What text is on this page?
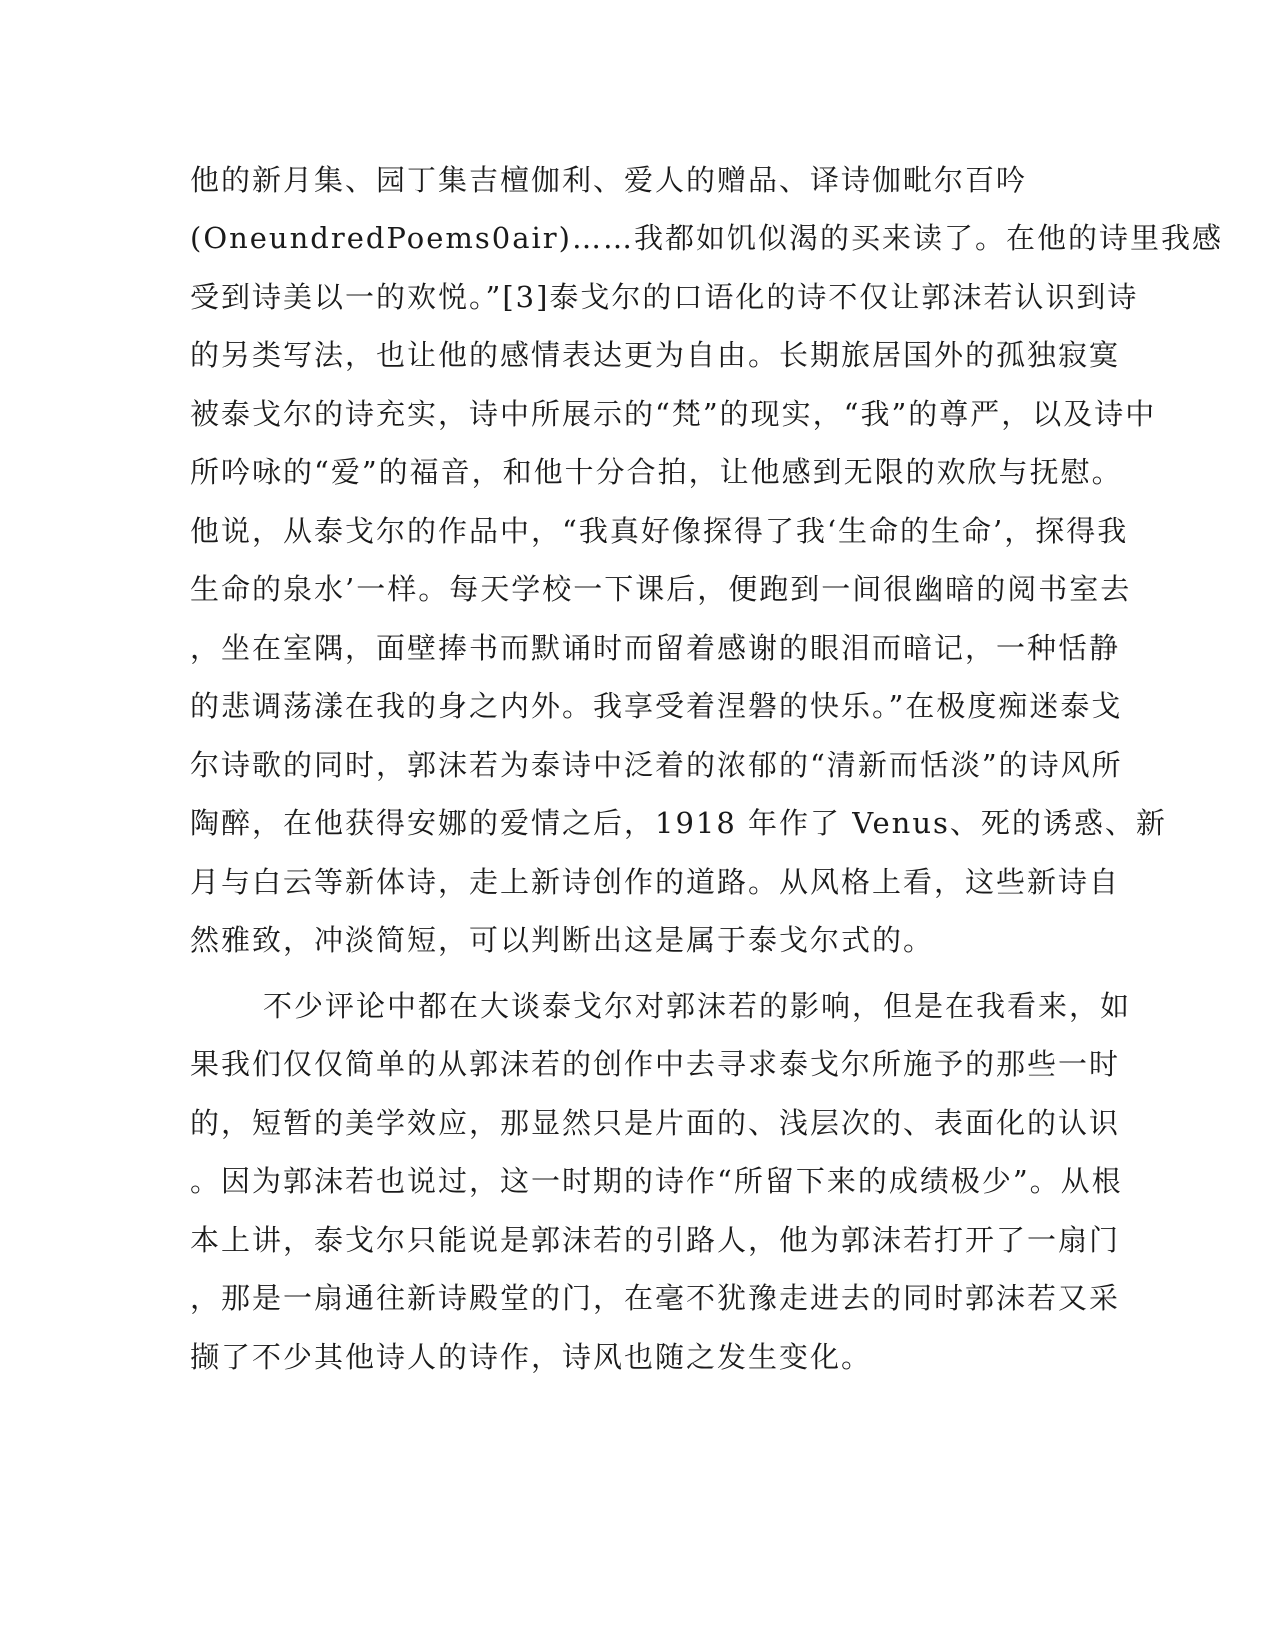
他的新月集、园丁集吉檀伽利、爱人的赠品、译诗伽毗尔百吟
(OneundredPoems0air)……我都如饥似渴的买来读了。在他的诗里我感
受到诗美以一的欢悦。”[3]泰戈尔的口语化的诗不仅让郭沫若认识到诗
的另类写法，也让他的感情表达更为自由。长期旅居国外的孤独寂寞
被泰戈尔的诗充实，诗中所展示的“梵”的现实，“我”的尊严，以及诗中
所吟咏的“爱”的福音，和他十分合拍，让他感到无限的欢欣与抚慰。
他说，从泰戈尔的作品中，“我真好像探得了我‘生命的生命’，探得我
生命的泉水’一样。每天学校一下课后，便跑到一间很幽暗的阅书室去
，坐在室隅，面壁捧书而默诵时而留着感谢的眼泪而暗记，一种恬静
的悲调荡漾在我的身之内外。我享受着涅磐的快乐。”在极度痴迷泰戈
尔诗歌的同时，郭沫若为泰诗中泛着的浓郁的“清新而恬淡”的诗风所
陶醉，在他获得安娜的爱情之后，1918 年作了 Venus、死的诱惑、新
月与白云等新体诗，走上新诗创作的道路。从风格上看，这些新诗自
然雅致，冲淡简短，可以判断出这是属于泰戈尔式的。
不少评论中都在大谈泰戈尔对郭沫若的影响，但是在我看来，如
果我们仅仅简单的从郭沫若的创作中去寻求泰戈尔所施予的那些一时
的，短暂的美学效应，那显然只是片面的、浅层次的、表面化的认识
。因为郭沫若也说过，这一时期的诗作“所留下来的成绩极少”。从根
本上讲，泰戈尔只能说是郭沫若的引路人，他为郭沫若打开了一扇门
，那是一扇通往新诗殿堂的门，在毫不犹豫走进去的同时郭沫若又采
撷了不少其他诗人的诗作，诗风也随之发生变化。
